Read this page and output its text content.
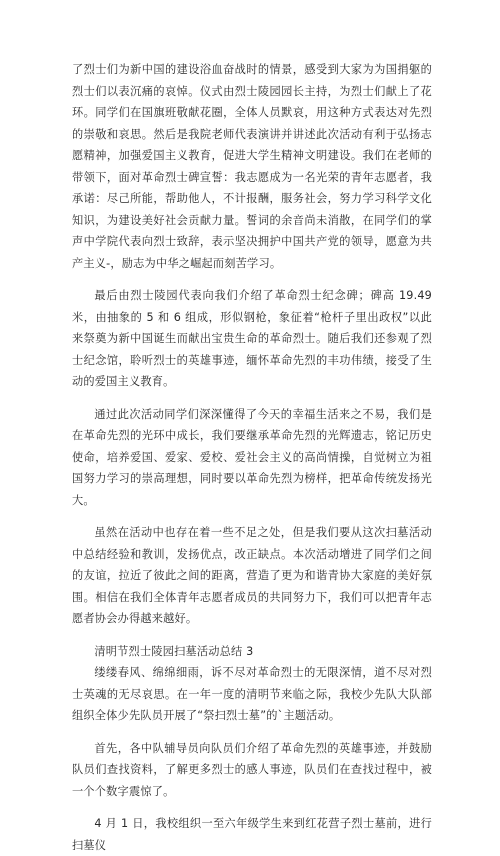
了烈士们为新中国的建设浴血奋战时的情景，感受到大家为为国捐躯的烈士们以表沉痛的哀悼。仪式由烈士陵园园长主持，为烈士们献上了花环。同学们在国旗班敬献花圈，全体人员默哀，用这种方式表达对先烈的崇敬和哀思。然后是我院老师代表演讲并讲述此次活动有利于弘扬志愿精神，加强爱国主义教育，促进大学生精神文明建设。我们在老师的带领下，面对革命烈士碑宣誓：我志愿成为一名光荣的青年志愿者，我承诺：尽己所能，帮助他人，不计报酬，服务社会，努力学习科学文化知识，为建设美好社会贡献力量。誓词的余音尚未消散，在同学们的掌声中学院代表向烈士致辞，表示坚决拥护中国共产党的领导，愿意为共产主义-，励志为中华之崛起而刻苦学习。

最后由烈士陵园代表向我们介绍了革命烈士纪念碑；碑高 19.49 米，由抽象的 5 和 6 组成，形似钢枪，象征着“枪杆子里出政权”以此来祭奠为新中国诞生而献出宝贵生命的革命烈士。随后我们还参观了烈士纪念馆，聆听烈士的英雄事迹，缅怀革命先烈的丰功伟绩，接受了生动的爱国主义教育。

通过此次活动同学们深深懂得了今天的幸福生活来之不易，我们是在革命先烈的光环中成长，我们要继承革命先烈的光辉遗志，铭记历史使命，培养爱国、爱家、爱校、爱社会主义的高尚情操，自觉树立为祖国努力学习的崇高理想，同时要以革命先烈为榜样，把革命传统发扬光大。

虽然在活动中也存在着一些不足之处，但是我们要从这次扫墓活动中总结经验和教训，发扬优点，改正缺点。本次活动增进了同学们之间的友谊，拉近了彼此之间的距离，营造了更为和谐青协大家庭的美好氛围。相信在我们全体青年志愿者成员的共同努力下，我们可以把青年志愿者协会办得越来越好。

清明节烈士陵园扫墓活动总结 3

缕缕春风、绵绵细雨，诉不尽对革命烈士的无限深情，道不尽对烈士英魂的无尽哀思。在一年一度的清明节来临之际，我校少先队大队部组织全体少先队员开展了“祭扫烈士墓”的`主题活动。

首先，各中队辅导员向队员们介绍了革命先烈的英雄事迹，并鼓励队员们查找资料，了解更多烈士的感人事迹，队员们在查找过程中，被一个个数字震惊了。

4 月 1 日，我校组织一至六年级学生来到红花营子烈士墓前，进行扫墓仪
